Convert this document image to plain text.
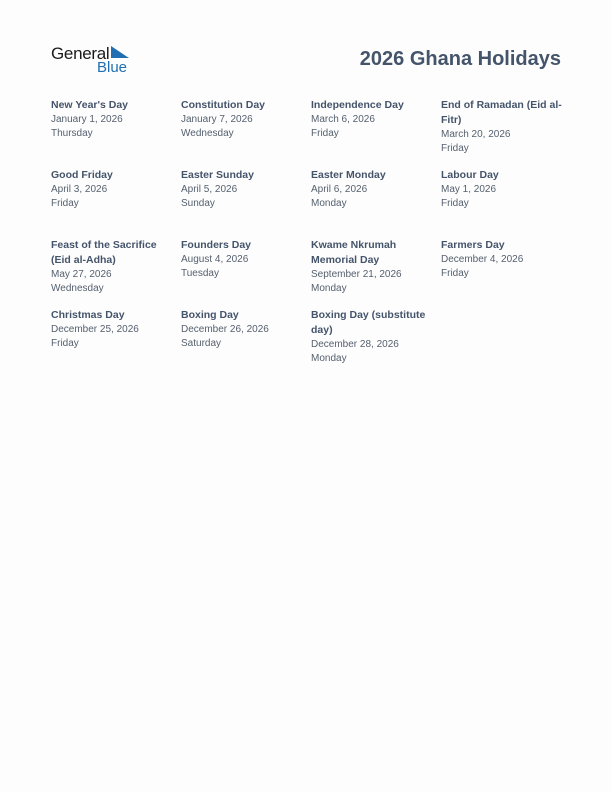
General
Blue	2026 Ghana Holidays
New Year's Day
January 1, 2026
Thursday
Constitution Day
January 7, 2026
Wednesday
Independence Day
March 6, 2026
Friday
End of Ramadan (Eid al-Fitr)
March 20, 2026
Friday
Good Friday
April 3, 2026
Friday
Easter Sunday
April 5, 2026
Sunday
Easter Monday
April 6, 2026
Monday
Labour Day
May 1, 2026
Friday
Feast of the Sacrifice (Eid al-Adha)
May 27, 2026
Wednesday
Founders Day
August 4, 2026
Tuesday
Kwame Nkrumah Memorial Day
September 21, 2026
Monday
Farmers Day
December 4, 2026
Friday
Christmas Day
December 25, 2026
Friday
Boxing Day
December 26, 2026
Saturday
Boxing Day (substitute day)
December 28, 2026
Monday
